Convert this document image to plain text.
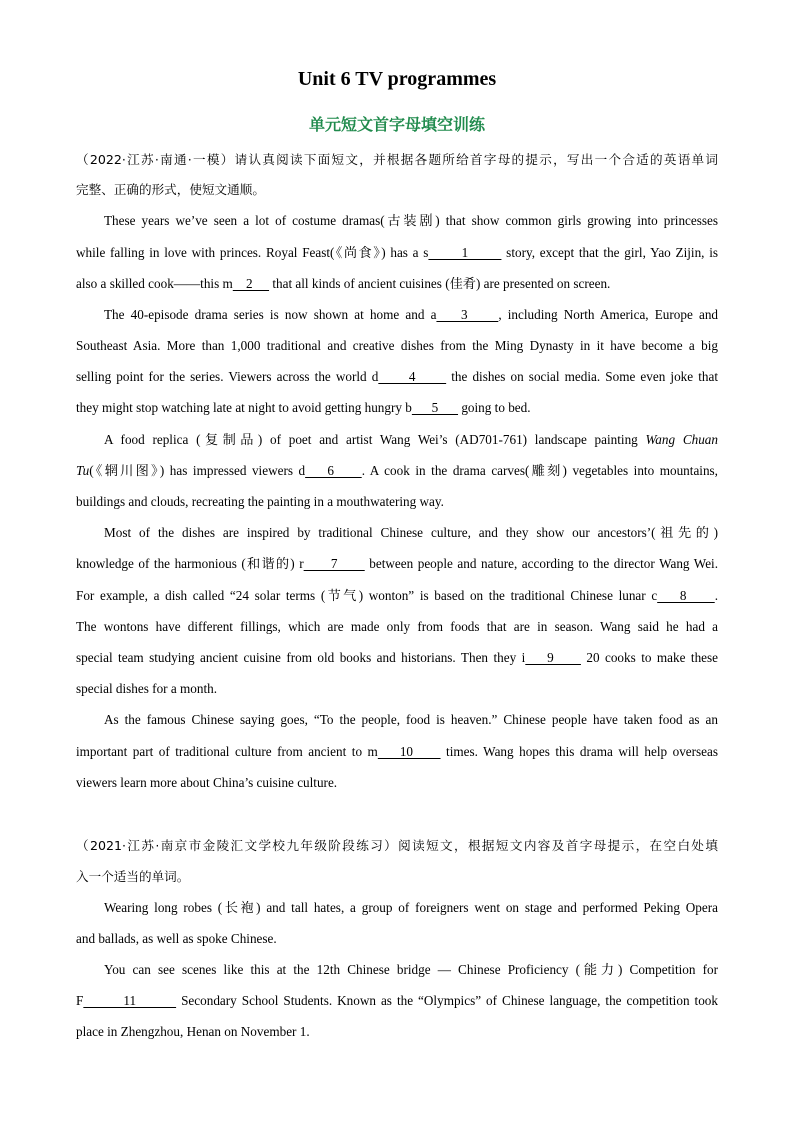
Unit 6 TV programmes
单元短文首字母填空训练
（2022·江苏·南通·一模）请认真阅读下面短文，并根据各题所给首字母的提示，写出一个合适的英语单词
完整、正确的形式，使短文通顺。
These years we’ve seen a lot of costume dramas(古装剧) that show common girls growing into princesses
while falling in love with princes. Royal Feast(《尚食》) has a s       1        story, except that the girl, Yao Zijin, is
also a skilled cook——this m    2      that all kinds of ancient cuisines (佳肴) are presented on screen.
The 40-episode drama series is now shown at home and a    3     , including North America, Europe and
Southeast Asia. More than 1,000 traditional and creative dishes from the Ming Dynasty in it have become a big
selling point for the series. Viewers across the world d      4       the dishes on social media. Some even joke that
they might stop watching late at night to avoid getting hungry b      5       going to bed.
A food replica (复制品) of poet and artist Wang Wei’s (AD701-761) landscape painting Wang Chuan
Tu(《辋川图》) has impressed viewers d    6     . A cook in the drama carves(雕刻) vegetables into mountains,
buildings and clouds, recreating the painting in a mouthwatering way.
Most of the dishes are inspired by traditional Chinese culture, and they show our ancestors’(祖先的)
knowledge of the harmonious (和谐的) r      7       between people and nature, according to the director Wang Wei.
For example, a dish called “24 solar terms (节气) wonton” is based on the traditional Chinese lunar c    8     .
The wontons have different fillings, which are made only from foods that are in season. Wang said he had a
special team studying ancient cuisine from old books and historians. Then they i    9      20 cooks to make these
special dishes for a month.
As the famous Chinese saying goes, “To the people, food is heaven.” Chinese people have taken food as an
important part of traditional culture from ancient to m    10      times. Wang hopes this drama will help overseas
viewers learn more about China’s cuisine culture.
（2021·江苏·南京市金陵汇文学校九年级阶段练习）阅读短文，根据短文内容及首字母提示，在空白处填
入一个适当的单词。
Wearing long robes (长袍) and tall hates, a group of foreigners went on stage and performed Peking Opera
and ballads, as well as spoke Chinese.
You can see scenes like this at the 12th Chinese bridge — Chinese Proficiency (能力) Competition for
F        11         Secondary School Students. Known as the “Olympics” of Chinese language, the competition took
place in Zhengzhou, Henan on November 1.
